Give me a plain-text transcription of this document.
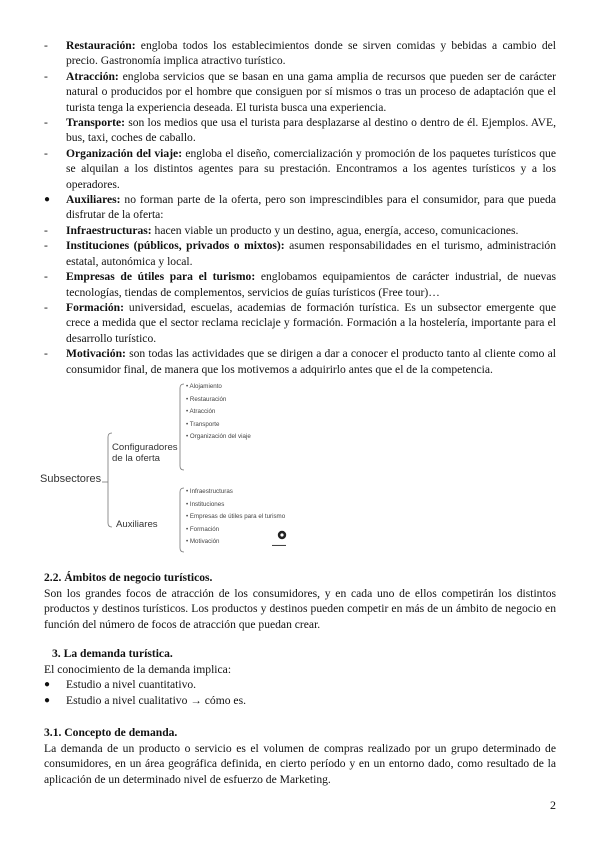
-	Restauración: engloba todos los establecimientos donde se sirven comidas y bebidas a cambio del precio. Gastronomía implica atractivo turístico.
-	Atracción: engloba servicios que se basan en una gama amplia de recursos que pueden ser de carácter natural o producidos por el hombre que consiguen por sí mismos o tras un proceso de adaptación que el turista tenga la experiencia deseada. El turista busca una experiencia.
-	Transporte: son los medios que usa el turista para desplazarse al destino o dentro de él. Ejemplos. AVE, bus, taxi, coches de caballo.
-	Organización del viaje: engloba el diseño, comercialización y promoción de los paquetes turísticos que se alquilan a los distintos agentes para su prestación. Encontramos a los agentes turísticos y a los operadores.
●	Auxiliares: no forman parte de la oferta, pero son imprescindibles para el consumidor, para que pueda disfrutar de la oferta:
-	Infraestructuras: hacen viable un producto y un destino, agua, energía, acceso, comunicaciones.
-	Instituciones (públicos, privados o mixtos): asumen responsabilidades en el turismo, administración estatal, autonómica y local.
-	Empresas de útiles para el turismo: englobamos equipamientos de carácter industrial, de nuevas tecnologías, tiendas de complementos, servicios de guías turísticos (Free tour)…
-	Formación: universidad, escuelas, academias de formación turística. Es un subsector emergente que crece a medida que el sector reclama reciclaje y formación. Formación a la hostelería, importante para el desarrollo turístico.
-	Motivación: son todas las actividades que se dirigen a dar a conocer el producto tanto al cliente como al consumidor final, de manera que los motivemos a adquirirlo antes que el de la competencia.
Subsectores
Configuradores
de la oferta
Auxiliares
• Alojamiento
• Restauración
• Atracción
• Transporte
• Organización del viaje
• Infraestructuras
• Instituciones
• Empresas de útiles para el turismo
• Formación
• Motivación	▬▬▬▬
2.2. Ámbitos de negocio turísticos.

Son los grandes focos de atracción de los consumidores, y en cada uno de ellos competirán los distintos productos y destinos turísticos. Los productos y destinos pueden competir en más de un ámbito de negocio en función del número de focos de atracción que puedan crear.

3. La demanda turística.

El conocimiento de la demanda implica:

● Estudio a nivel cuantitativo.
● Estudio a nivel cualitativo → cómo es.
3.1. Concepto de demanda.

La demanda de un producto o servicio es el volumen de compras realizado por un grupo determinado de consumidores, en un área geográfica definida, en cierto período y en un entorno dado, como resultado de la aplicación de un determinado nivel de esfuerzo de Marketing.

2
